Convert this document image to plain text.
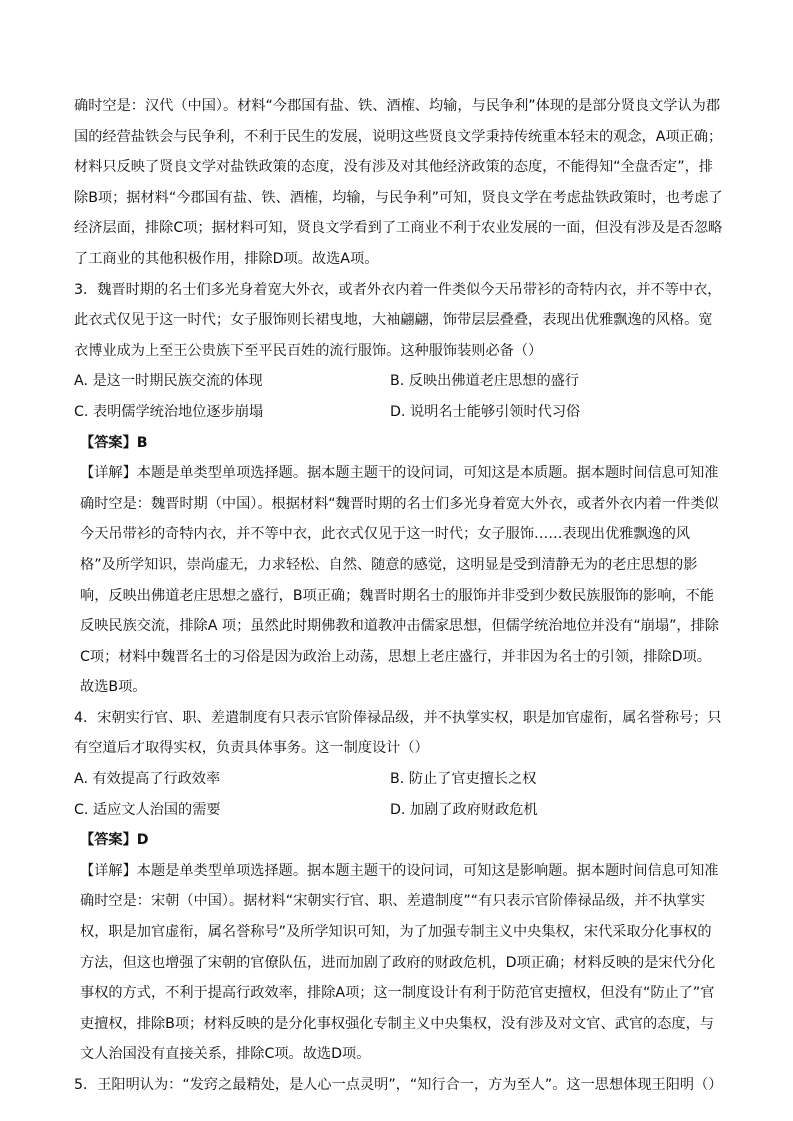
确时空是：汉代（中国）。材料“今郡国有盐、铁、酒榷、均输，与民争利”体现的是部分贤良文学认为郡国的经营盐铁会与民争利，不利于民生的发展，说明这些贤良文学秉持传统重本轻末的观念，A项正确；材料只反映了贤良文学对盐铁政策的态度，没有涉及对其他经济政策的态度，不能得知“全盘否定”，排除B项；据材料“今郡国有盐、铁、酒榷，均输，与民争利”可知，贤良文学在考虑盐铁政策时，也考虑了经济层面，排除C项；据材料可知，贤良文学看到了工商业不利于农业发展的一面，但没有涉及是否忽略了工商业的其他积极作用，排除D项。故选A项。

3．魏晋时期的名士们多光身着宽大外衣，或者外衣内着一件类似今天吊带衫的奇特内衣，并不等中衣，此衣式仅见于这一时代；女子服饰则长裙曳地，大袖翩翩，饰带层层叠叠，表现出优雅飘逸的风格。宽衣博业成为上至王公贵族下至平民百姓的流行服饰。这种服饰装则必备（）

A. 是这一时期民族交流的体现	B. 反映出佛道老庄思想的盛行
C. 表明儒学统治地位逐步崩塌	D. 说明名士能够引领时代习俗

【答案】B

【详解】本题是单类型单项选择题。据本题主题干的设问词，可知这是本质题。据本题时间信息可知准确时空是：魏晋时期（中国）。根据材料“魏晋时期的名士们多光身着宽大外衣，或者外衣内着一件类似今天吊带衫的奇特内衣，并不等中衣，此衣式仅见于这一时代；女子服饰……表现出优雅飘逸的风格”及所学知识，崇尚虚无，力求轻松、自然、随意的感觉，这明显是受到清静无为的老庄思想的影响，反映出佛道老庄思想之盛行，B项正确；魏晋时期名士的服饰并非受到少数民族服饰的影响，不能反映民族交流，排除A 项；虽然此时期佛教和道教冲击儒家思想，但儒学统治地位并没有“崩塌”，排除C项；材料中魏晋名士的习俗是因为政治上动荡，思想上老庄盛行，并非因为名士的引领，排除D项。故选B项。

4．宋朝实行官、职、差遣制度有只表示官阶俸禄品级，并不执掌实权，职是加官虚衔，属名誉称号；只有空道后才取得实权，负责具体事务。这一制度设计（）

A. 有效提高了行政效率	B. 防止了官吏擅长之权
C. 适应文人治国的需要	D. 加剧了政府财政危机

【答案】D

【详解】本题是单类型单项选择题。据本题主题干的设问词，可知这是影响题。据本题时间信息可知准确时空是：宋朝（中国）。据材料“宋朝实行官、职、差遣制度”“有只表示官阶俸禄品级，并不执掌实权，职是加官虚衔，属名誉称号”及所学知识可知，为了加强专制主义中央集权，宋代采取分化事权的方法，但这也增强了宋朝的官僚队伍，进而加剧了政府的财政危机，D项正确；材料反映的是宋代分化事权的方式，不利于提高行政效率，排除A项；这一制度设计有利于防范官吏擅权，但没有“防止了”官吏擅权，排除B项；材料反映的是分化事权强化专制主义中央集权，没有涉及对文官、武官的态度，与文人治国没有直接关系，排除C项。故选D项。

5．王阳明认为：“发窍之最精处，是人心一点灵明”，“知行合一，方为至人”。这一思想体现王阳明（）
